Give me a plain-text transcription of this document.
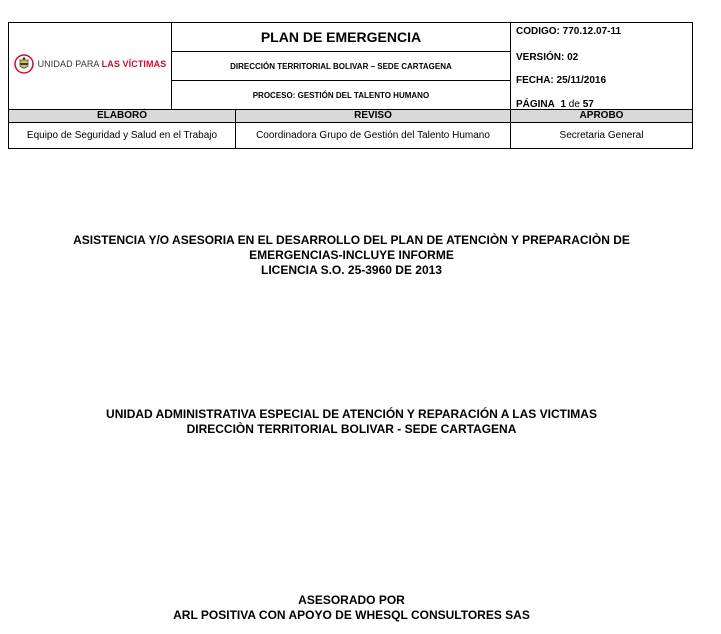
UNIDAD PARA LAS VÍCTIMAS
	PLAN DE EMERGENCIA	CODIGO: 770.12.07-11
VERSIÓN: 02
FECHA: 25/11/2016
PÁGINA 1 de 57

DIRECCIÓN TERRITORIAL BOLIVAR – SEDE CARTAGENA
PROCESO: GESTIÓN DEL TALENTO HUMANO
ELABORÓ	REVISÓ	APROBO
Equipo de Seguridad y Salud en el Trabajo	Coordinadora Grupo de Gestión del Talento Humano	Secretaria General
ASISTENCIA Y/O ASESORIA EN EL DESARROLLO DEL PLAN DE ATENCIÒN Y PREPARACIÒN DE
EMERGENCIAS-INCLUYE INFORME
LICENCIA S.O. 25-3960 DE 2013
UNIDAD ADMINISTRATIVA ESPECIAL DE ATENCIÓN Y REPARACIÓN A LAS VICTIMAS
DIRECCIÒN TERRITORIAL BOLIVAR - SEDE CARTAGENA
ASESORADO POR
ARL POSITIVA CON APOYO DE WHESQL CONSULTORES SAS
